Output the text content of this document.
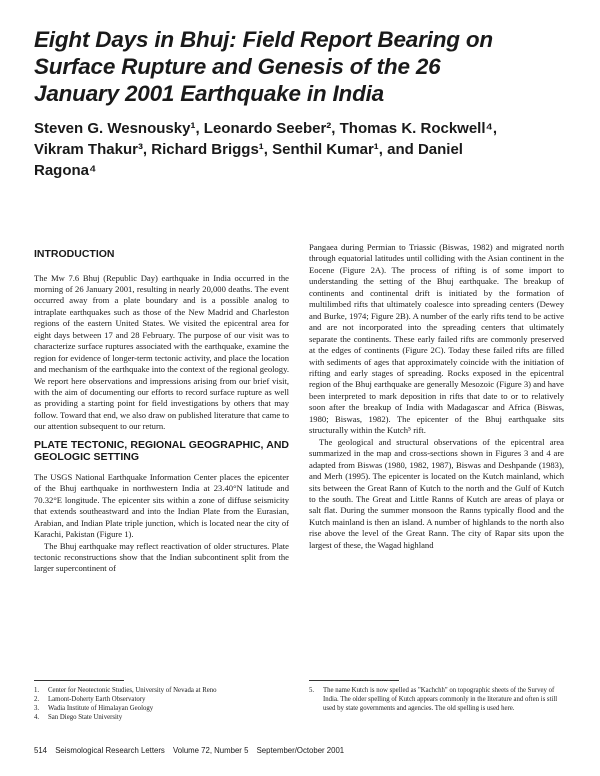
Eight Days in Bhuj: Field Report Bearing on
Surface Rupture and Genesis of the 26
January 2001 Earthquake in India
Steven G. Wesnousky¹, Leonardo Seeber², Thomas K. Rockwell⁴,
Vikram Thakur³, Richard Briggs¹, Senthil Kumar¹, and Daniel
Ragona⁴
INTRODUCTION

The Mw 7.6 Bhuj (Republic Day) earthquake in India occurred in the morning of 26 January 2001, resulting in nearly 20,000 deaths. The event occurred away from a plate boundary and is a possible analog to intraplate earthquakes such as those of the New Madrid and Charleston regions of the eastern United States. We visited the epicentral area for eight days between 17 and 28 February. The purpose of our visit was to characterize surface ruptures associated with the earthquake, examine the region for evidence of longer-term tectonic activity, and place the location and mechanism of the earthquake into the context of the regional geology. We report here observations and impressions arising from our brief visit, with the aim of documenting our efforts to record surface rupture as well as providing a starting point for field investigations by others that may follow. Toward that end, we also draw on published literature that came to our attention subsequent to our return.

PLATE TECTONIC, REGIONAL GEOGRAPHIC, AND GEOLOGIC SETTING

The USGS National Earthquake Information Center places the epicenter of the Bhuj earthquake in northwestern India at 23.40°N latitude and 70.32°E longitude. The epicenter sits within a zone of diffuse seismicity that extends southeastward and into the Indian Plate from the Eurasian, Arabian, and Indian Plate triple junction, which is located near the city of Karachi, Pakistan (Figure 1).

The Bhuj earthquake may reflect reactivation of older structures. Plate tectonic reconstructions show that the Indian subcontinent split from the larger supercontinent of

Pangaea during Permian to Triassic (Biswas, 1982) and migrated north through equatorial latitudes until colliding with the Asian continent in the Eocene (Figure 2A). The process of rifting is of some import to understanding the setting of the Bhuj earthquake. The breakup of continents and continental drift is initiated by the formation of multilimbed rifts that ultimately coalesce into spreading centers (Dewey and Burke, 1974; Figure 2B). A number of the early rifts tend to be active and are not incorporated into the spreading centers that ultimately separate the continents. These early failed rifts are commonly preserved at the edges of continents (Figure 2C). Today these failed rifts are filled with sediments of ages that approximately coincide with the initiation of rifting and early stages of spreading. Rocks exposed in the epicentral region of the Bhuj earthquake are generally Mesozoic (Figure 3) and have been interpreted to mark deposition in rifts that date to or to relatively soon after the breakup of India with Madagascar and Africa (Biswas, 1980; Biswas, 1982). The epicenter of the Bhuj earthquake sits structurally within the Kutch⁵ rift.

The geological and structural observations of the epicentral area summarized in the map and cross-sections shown in Figures 3 and 4 are adapted from Biswas (1980, 1982, 1987), Biswas and Deshpande (1983), and Merh (1995). The epicenter is located on the Kutch mainland, which sits between the Great Rann of Kutch to the north and the Gulf of Kutch to the south. The Great and Little Ranns of Kutch are areas of playa or salt flat. During the summer monsoon the Ranns typically flood and the Kutch mainland is then an island. A number of highlands to the north also rise above the level of the Great Rann. The city of Rapar sits upon the largest of these, the Wagad highland

1.	Center for Neotectonic Studies, University of Nevada at Reno
2.	Lamont-Doherty Earth Observatory
3.	Wadia Institute of Himalayan Geology
4.	San Diego State University
5.	The name Kutch is now spelled as "Kachchh" on topographic sheets of the Survey of India. The older spelling of Kutch appears commonly in the literature and often is still used by state governments and agencies. The old spelling is used here.
514 Seismological Research Letters Volume 72, Number 5 September/October 2001
